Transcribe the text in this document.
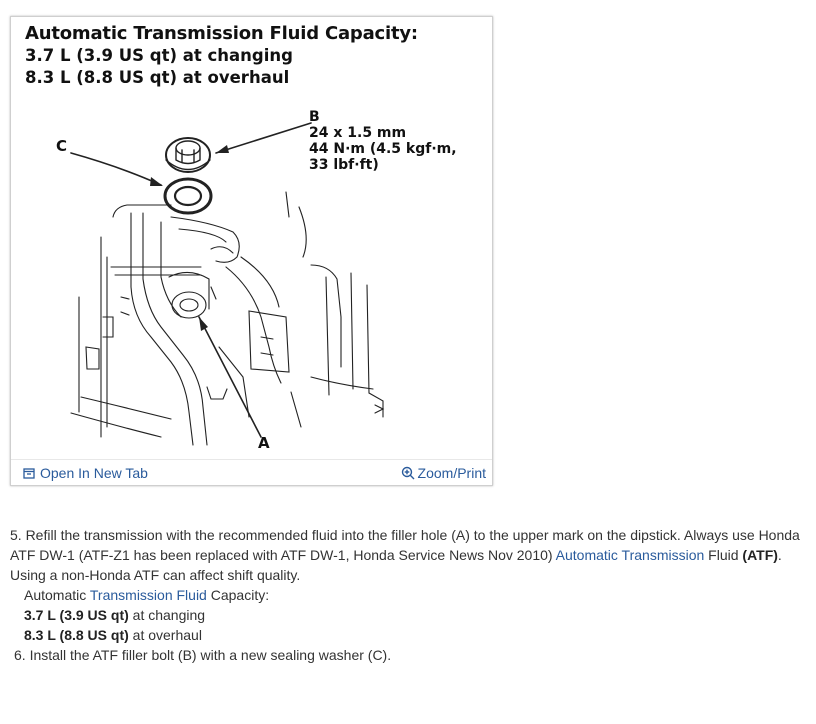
Automatic Transmission Fluid Capacity:
3.7 L (3.9 US qt) at changing
8.3 L (8.8 US qt) at overhaul
B
24 x 1.5 mm
44 N·m (4.5 kgf·m,
33 lbf·ft)
C
A
Open In New Tab	Zoom/Print

5. Refill the transmission with the recommended fluid into the filler hole (A) to the upper mark on the dipstick. Always use Honda ATF DW-1 (ATF-Z1 has been replaced with ATF DW-1, Honda Service News Nov 2010) Automatic Transmission Fluid (ATF). Using a non-Honda ATF can affect shift quality.

Automatic Transmission Fluid Capacity:

3.7 L (3.9 US qt) at changing

8.3 L (8.8 US qt) at overhaul

6. Install the ATF filler bolt (B) with a new sealing washer (C).
